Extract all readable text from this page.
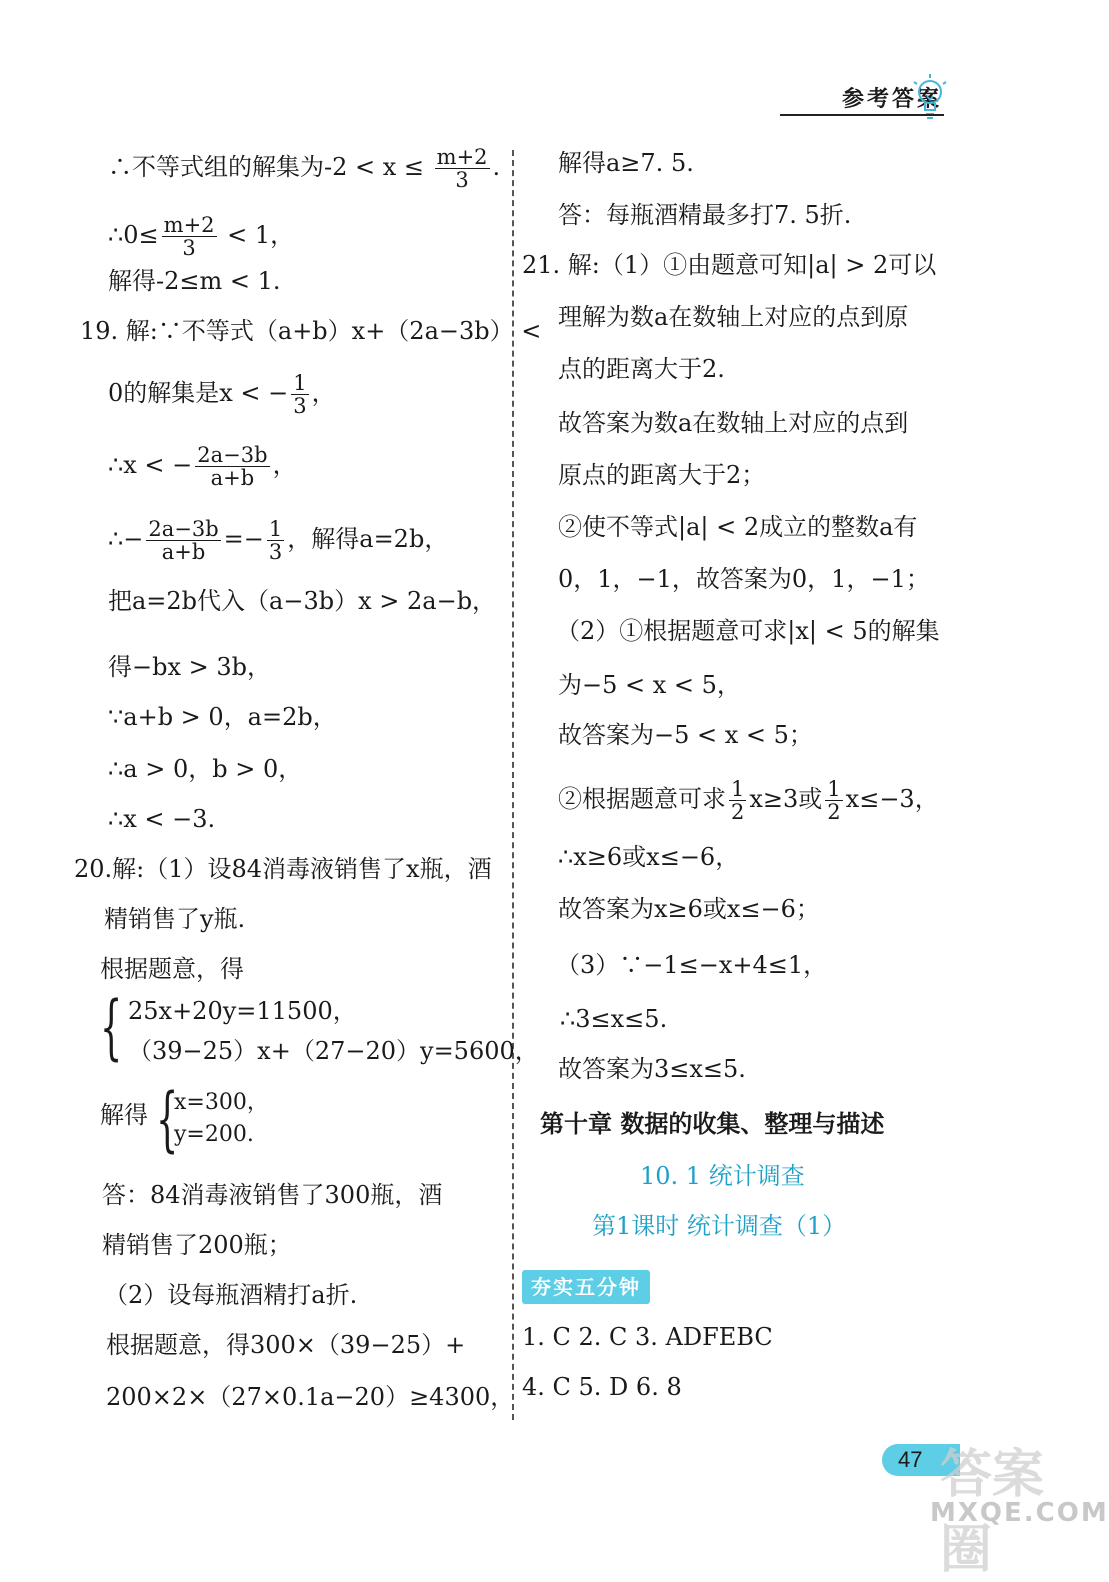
参考答案
∴不等式组的解集为$-2 < x \le \frac{m+2}{3}$ .
∴0≤ $\frac{m+2}{3} < 1$，
解得-2≤m < 1.
19. 解:∵不等式（a+b）x+（2a−3b） <
0的解集是x < − $\frac{1}{3}$ ，
∴x < − $\frac{2a-3b}{a+b}$ ，
∴− $\frac{2a-3b}{a+b} =- \frac{1}{3}$ ，解得a=2b，
把a=2b代入（a−3b）x > 2a−b，
得−bx > 3b，
∵a+b > 0，a=2b，
∴a > 0，b > 0，
∴x < −3.
20.解:（1）设84消毒液销售了x瓶，酒
精销售了y瓶.
根据题意，得
{ 25x+20y=11500，
（39−25）x+（27−20）y=5600，
解得 {
x=300，
y=200.
答：84消毒液销售了300瓶，酒
精销售了200瓶；
（2）设每瓶酒精打a折.
根据题意，得300×（39−25）+
200×2×（27×0.1a−20）≥4300，
解得a≥7. 5.
答：每瓶酒精最多打7. 5折.
21. 解:（1）①由题意可知|a| > 2可以
理解为数a在数轴上对应的点到原
点的距离大于2.
故答案为数a在数轴上对应的点到
原点的距离大于2；
②使不等式|a| < 2成立的整数a有
0，1，−1，故答案为0，1，−1；
（2）①根据题意可求|x| < 5的解集
为−5 < x < 5，
故答案为−5 < x < 5；
②根据题意可求 $\frac{1}{2} x\ge 3$或 $\frac{1}{2} x\le-3$，
∴x≥6或x≤−6，
故答案为x≥6或x≤−6；
（3）∵−1≤−x+4≤1，
∴3≤x≤5.
故答案为3≤x≤5.
第十章 数据的收集、整理与描述
10. 1 统计调查
第1课时 统计调查（1）
夯实五分钟
1. C 2. C 3. ADFEBC
4. C 5. D 6. 8
47 答案圈
MXQE.COM
